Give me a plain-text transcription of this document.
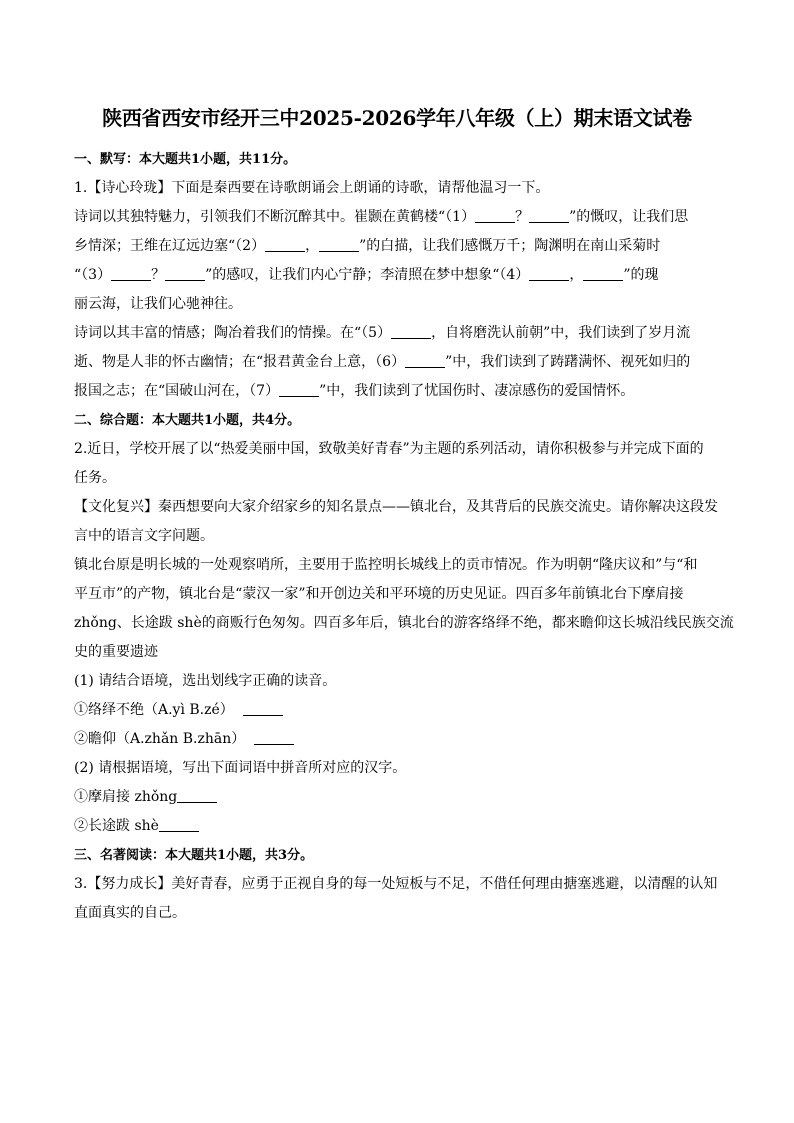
陕西省西安市经开三中2025-2026学年八年级（上）期末语文试卷
一、默写：本大题共1小题，共11分。
1.【诗心玲珑】下面是秦西要在诗歌朗诵会上朗诵的诗歌，请帮他温习一下。
诗词以其独特魅力，引领我们不断沉醉其中。崔颢在黄鹤楼“（1）	？	”的慨叹，让我们思
乡情深；王维在辽远边塞“（2）	，	”的白描，让我们感慨万千；陶渊明在南山采菊时
“（3）	？	”的感叹，让我们内心宁静；李清照在梦中想象“（4）	，	”的瑰
丽云海，让我们心驰神往。
诗词以其丰富的情感；陶冶着我们的情操。在“（5）	，自将磨洗认前朝”中，我们读到了岁月流
逝、物是人非的怀古幽情；在“报君黄金台上意，（6）	”中，我们读到了踌躇满怀、视死如归的
报国之志；在“国破山河在，（7）	”中，我们读到了忧国伤时、凄凉感伤的爱国情怀。
二、综合题：本大题共1小题，共4分。
2.近日，学校开展了以“热爱美丽中国，致敬美好青春”为主题的系列活动，请你积极参与并完成下面的
任务。
【文化复兴】秦西想要向大家介绍家乡的知名景点——镇北台，及其背后的民族交流史。请你解决这段发
言中的语言文字问题。
镇北台原是明长城的一处观察哨所，主要用于监控明长城线上的贡市情况。作为明朝“隆庆议和”与“和
平互市”的产物，镇北台是“蒙汉一家”和开创边关和平环境的历史见证。四百多年前镇北台下摩肩接
zhǒng、长途跋 shè的商贩行色匆匆。四百多年后，镇北台的游客络绎不绝，都来瞻仰这长城沿线民族交流
史的重要遗迹
(1) 请结合语境，选出划线字正确的读音。
①络绎不绝（A.yì B.zé）
②瞻仰（A.zhǎn B.zhān）
(2) 请根据语境，写出下面词语中拼音所对应的汉字。
①摩肩接 zhǒng
②长途跋 shè
三、名著阅读：本大题共1小题，共3分。
3.【努力成长】美好青春，应勇于正视自身的每一处短板与不足，不借任何理由搪塞逃避，以清醒的认知
直面真实的自己。
